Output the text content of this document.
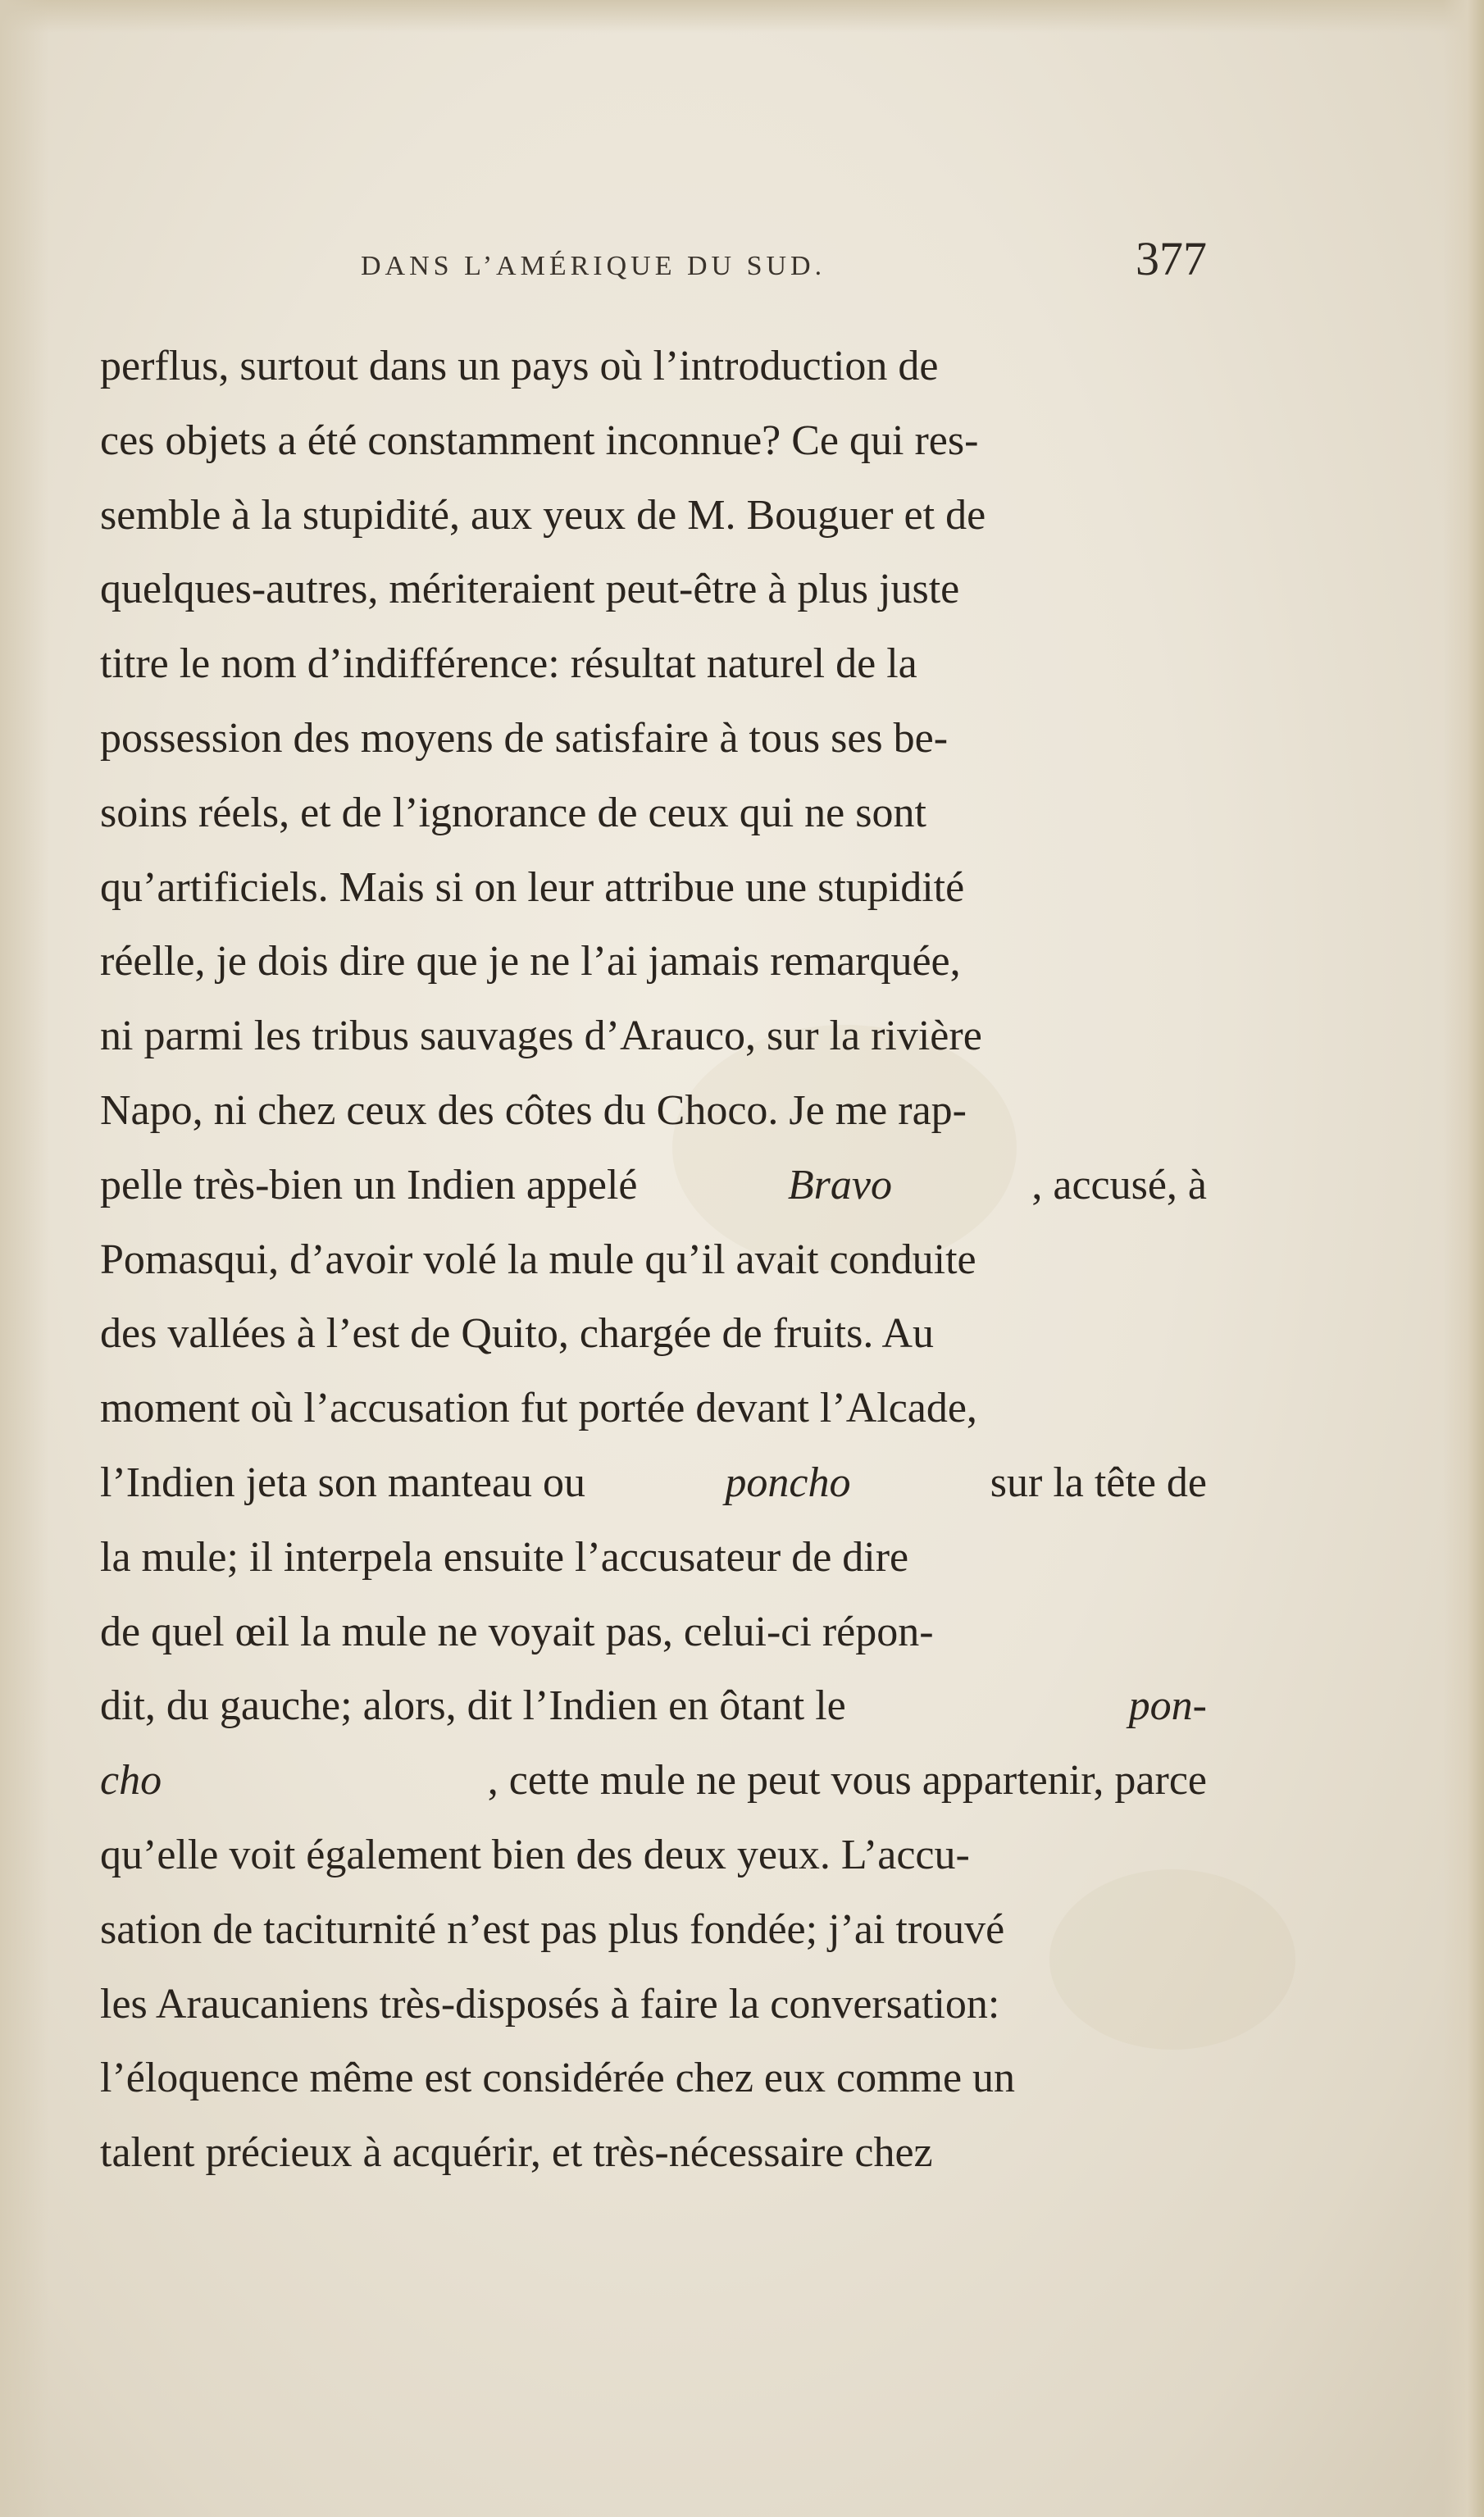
DANS L’AMÉRIQUE DU SUD.	377
perflus, surtout dans un pays où l’introduction de
ces objets a été constamment inconnue? Ce qui res-
semble à la stupidité, aux yeux de M. Bouguer et de
quelques-autres, mériteraient peut-être à plus juste
titre le nom d’indifférence: résultat naturel de la
possession des moyens de satisfaire à tous ses be-
soins réels, et de l’ignorance de ceux qui ne sont
qu’artificiels. Mais si on leur attribue une stupidité
réelle, je dois dire que je ne l’ai jamais remarquée,
ni parmi les tribus sauvages d’Arauco, sur la rivière
Napo, ni chez ceux des côtes du Choco. Je me rap-
pelle très-bien un Indien appelé	Bravo	, accusé, à
Pomasqui, d’avoir volé la mule qu’il avait conduite
des vallées à l’est de Quito, chargée de fruits. Au
moment où l’accusation fut portée devant l’Alcade,
l’Indien jeta son manteau ou	poncho	sur la tête de
la mule; il interpela ensuite l’accusateur de dire
de quel œil la mule ne voyait pas, celui-ci répon-
dit, du gauche; alors, dit l’Indien en ôtant le	pon-
cho	, cette mule ne peut vous appartenir, parce
qu’elle voit également bien des deux yeux. L’accu-
sation de taciturnité n’est pas plus fondée; j’ai trouvé
les Araucaniens très-disposés à faire la conversation:
l’éloquence même est considérée chez eux comme un
talent précieux à acquérir, et très-nécessaire chez
